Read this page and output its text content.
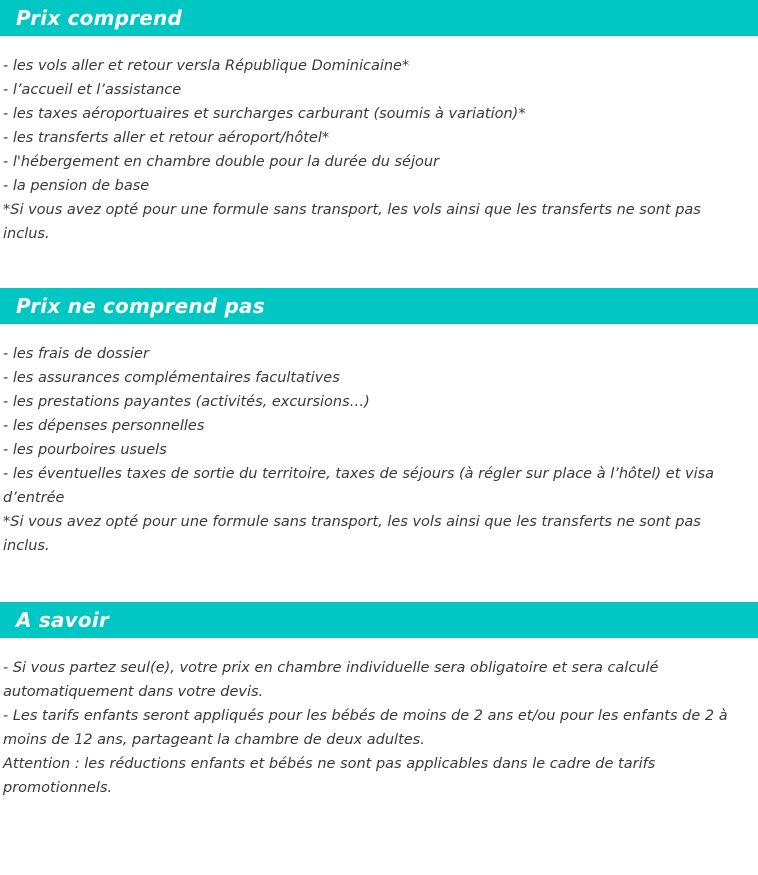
Prix comprend

- les vols aller et retour versla République Dominicaine*

- l’accueil et l’assistance

- les taxes aéroportuaires et surcharges carburant (soumis à variation)*

- les transferts aller et retour aéroport/hôtel*

- l'hébergement en chambre double pour la durée du séjour

- la pension de base

*Si vous avez opté pour une formule sans transport, les vols ainsi que les transferts ne sont pas inclus.

Prix ne comprend pas

- les frais de dossier

- les assurances complémentaires facultatives

- les prestations payantes (activités, excursions…)

- les dépenses personnelles

- les pourboires usuels

- les éventuelles taxes de sortie du territoire, taxes de séjours (à régler sur place à l’hôtel) et visa d’entrée

*Si vous avez opté pour une formule sans transport, les vols ainsi que les transferts ne sont pas inclus.

A savoir

- Si vous partez seul(e), votre prix en chambre individuelle sera obligatoire et sera calculé automatiquement dans votre devis.

- Les tarifs enfants seront appliqués pour les bébés de moins de 2 ans et/ou pour les enfants de 2 à moins de 12 ans, partageant la chambre de deux adultes.

Attention : les réductions enfants et bébés ne sont pas applicables dans le cadre de tarifs promotionnels.
